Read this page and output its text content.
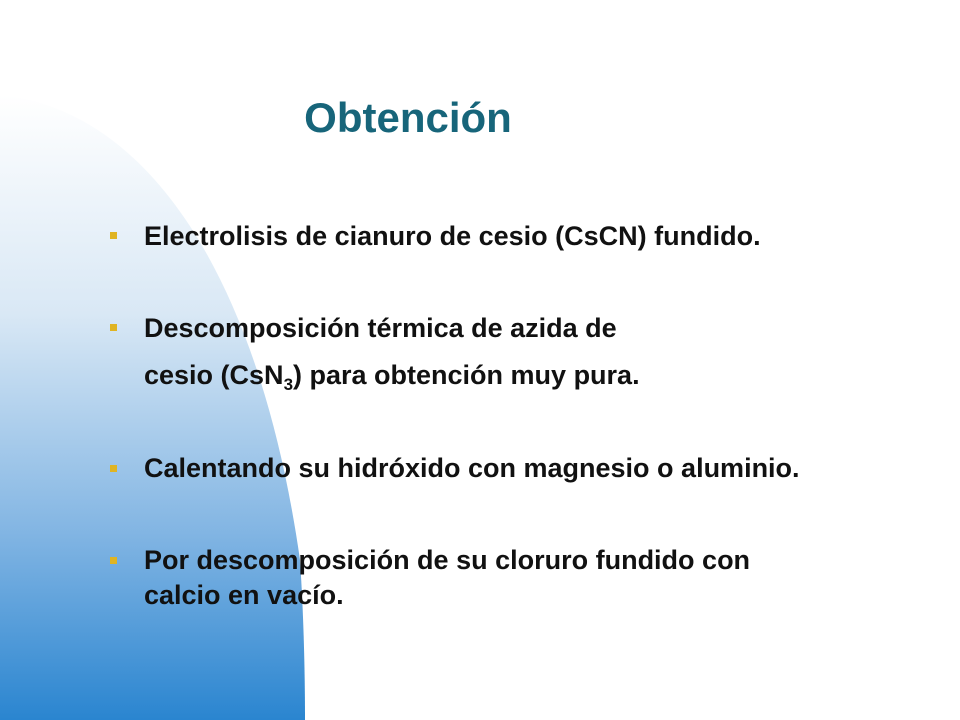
Obtención
Electrolisis de cianuro de cesio (CsCN) fundido.
Descomposición térmica de azida de
cesio (CsN$_3$) para obtención muy pura.
Calentando su hidróxido con magnesio o aluminio.
Por descomposición de su cloruro fundido con
calcio en vacío.
